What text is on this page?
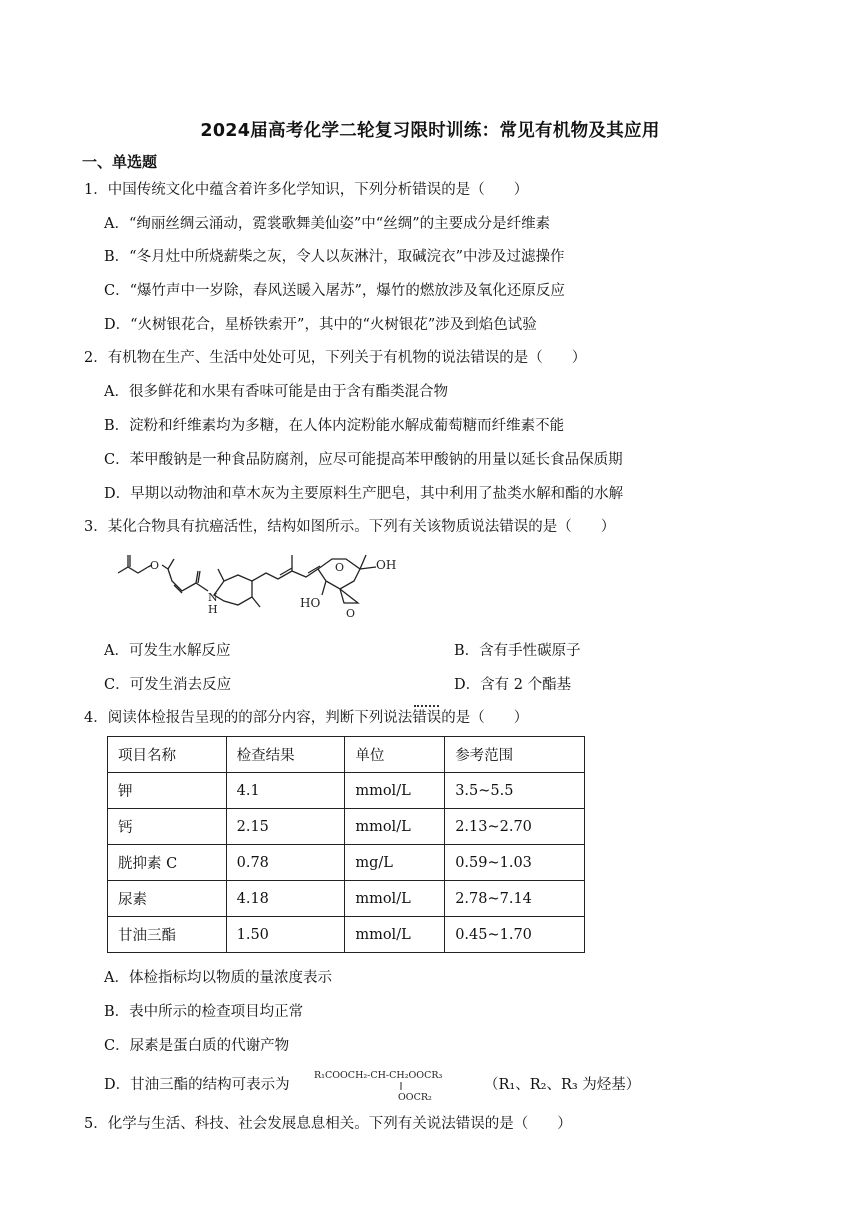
2024届高考化学二轮复习限时训练：常见有机物及其应用
一、单选题
1．中国传统文化中蕴含着许多化学知识，下列分析错误的是（　　）
A．“绚丽丝绸云涌动，霓裳歌舞美仙姿”中“丝绸”的主要成分是纤维素
B．“冬月灶中所烧薪柴之灰，令人以灰淋汁，取碱浣衣”中涉及过滤操作
C．“爆竹声中一岁除，春风送暖入屠苏”，爆竹的燃放涉及氧化还原反应
D．“火树银花合，星桥铁索开”，其中的“火树银花”涉及到焰色试验
2．有机物在生产、生活中处处可见，下列关于有机物的说法错误的是（　　）
A．很多鲜花和水果有香味可能是由于含有酯类混合物
B．淀粉和纤维素均为多糖，在人体内淀粉能水解成葡萄糖而纤维素不能
C．苯甲酸钠是一种食品防腐剂，应尽可能提高苯甲酸钠的用量以延长食品保质期
D．早期以动物油和草木灰为主要原料生产肥皂，其中利用了盐类水解和酯的水解
3．某化合物具有抗癌活性，结构如图所示。下列有关该物质说法错误的是（　　）
O	OH
HO
O
O
N
H
A．可发生水解反应	B．含有手性碳原子
C．可发生消去反应	D．含有 2 个酯基
4．阅读体检报告呈现的的部分内容，判断下列说法错误的是（　　）
项目名称	检查结果	单位	参考范围
钾	4.1	mmol/L	3.5~5.5
钙	2.15	mmol/L	2.13~2.70
胱抑素 C	0.78	mg/L	0.59~1.03
尿素	4.18	mmol/L	2.78~7.14
甘油三酯	1.50	mmol/L	0.45~1.70
A．体检指标均以物质的量浓度表示
B．表中所示的检查项目均正常
C．尿素是蛋白质的代谢产物
D．甘油三酯的结构可表示为
R₁COOCH₂-CH-CH₂OOCR₃
OOCR₂
（R₁、R₂、R₃ 为烃基）
5．化学与生活、科技、社会发展息息相关。下列有关说法错误的是（　　）
